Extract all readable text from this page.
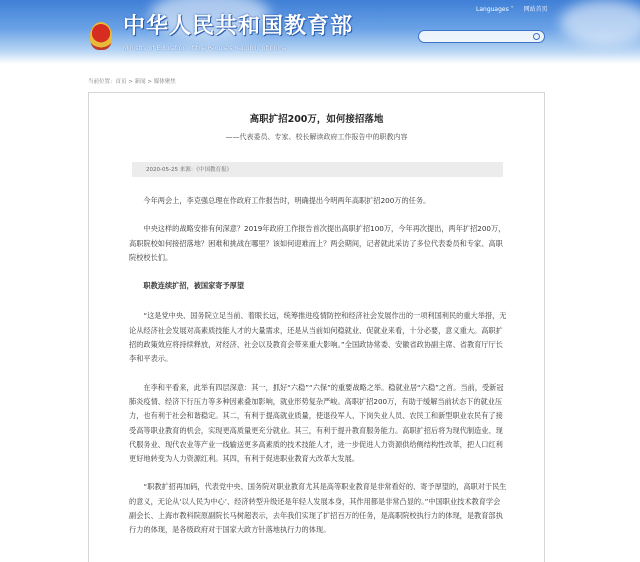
中华人民共和国教育部
Ministry of Education of the People's Republic of China
Languages ˅ 网站首页
当前位置：首页 > 新闻 > 媒体聚焦
高职扩招200万，如何接招落地
——代表委员、专家、校长解读政府工作报告中的职教内容
2020-05-25 来源：《中国教育报》

今年两会上，李克强总理在作政府工作报告时，明确提出今明两年高职扩招200万的任务。

中央这样的战略安排有何深意？2019年政府工作报告首次提出高职扩招100万，今年再次提出，两年扩招200万，高职院校如何接招落地？困难和挑战在哪里？该如何迎难而上？两会期间，记者就此采访了多位代表委员和专家、高职院校校长们。

职教连续扩招，被国家寄予厚望

“这是党中央、国务院立足当前、着眼长远，统筹推进疫情防控和经济社会发展作出的一项利国利民的重大举措，无论从经济社会发展对高素质技能人才的大量需求，还是从当前如何稳就业、促就业来看，十分必要，意义重大。高职扩招的政策效应将持续释放，对经济、社会以及教育会带来重大影响。”全国政协常委、安徽省政协副主席、省教育厅厅长李和平表示。

在李和平看来，此举有四层深意：其一，抓好“六稳”“六保”的重要战略之举。稳就业居“六稳”之首。当前，受新冠肺炎疫情、经济下行压力等多种因素叠加影响，就业形势复杂严峻。高职扩招200万，有助于缓解当前状态下的就业压力，也有利于社会和谐稳定。其二，有利于提高就业质量，使退役军人、下岗失业人员、农民工和新型职业农民有了接受高等职业教育的机会，实现更高质量更充分就业。其三，有利于提升教育服务能力。高职扩招后将为现代制造业、现代服务业、现代农业等产业一线输送更多高素质的技术技能人才，进一步促进人力资源供给侧结构性改革，把人口红利更好地转变为人力资源红利。其四，有利于促进职业教育大改革大发展。

“职教扩招再加码，代表党中央、国务院对职业教育尤其是高等职业教育是非常看好的、寄予厚望的，高职对于民生的意义，无论从‘以人民为中心’、经济转型升级还是年轻人发展本身，其作用都是非常凸显的。”中国职业技术教育学会副会长、上海市教科院原副院长马树超表示，去年我们实现了扩招百万的任务，是高职院校执行力的体现，是教育部执行力的体现，是各级政府对于国家大政方针落地执行力的体现。
